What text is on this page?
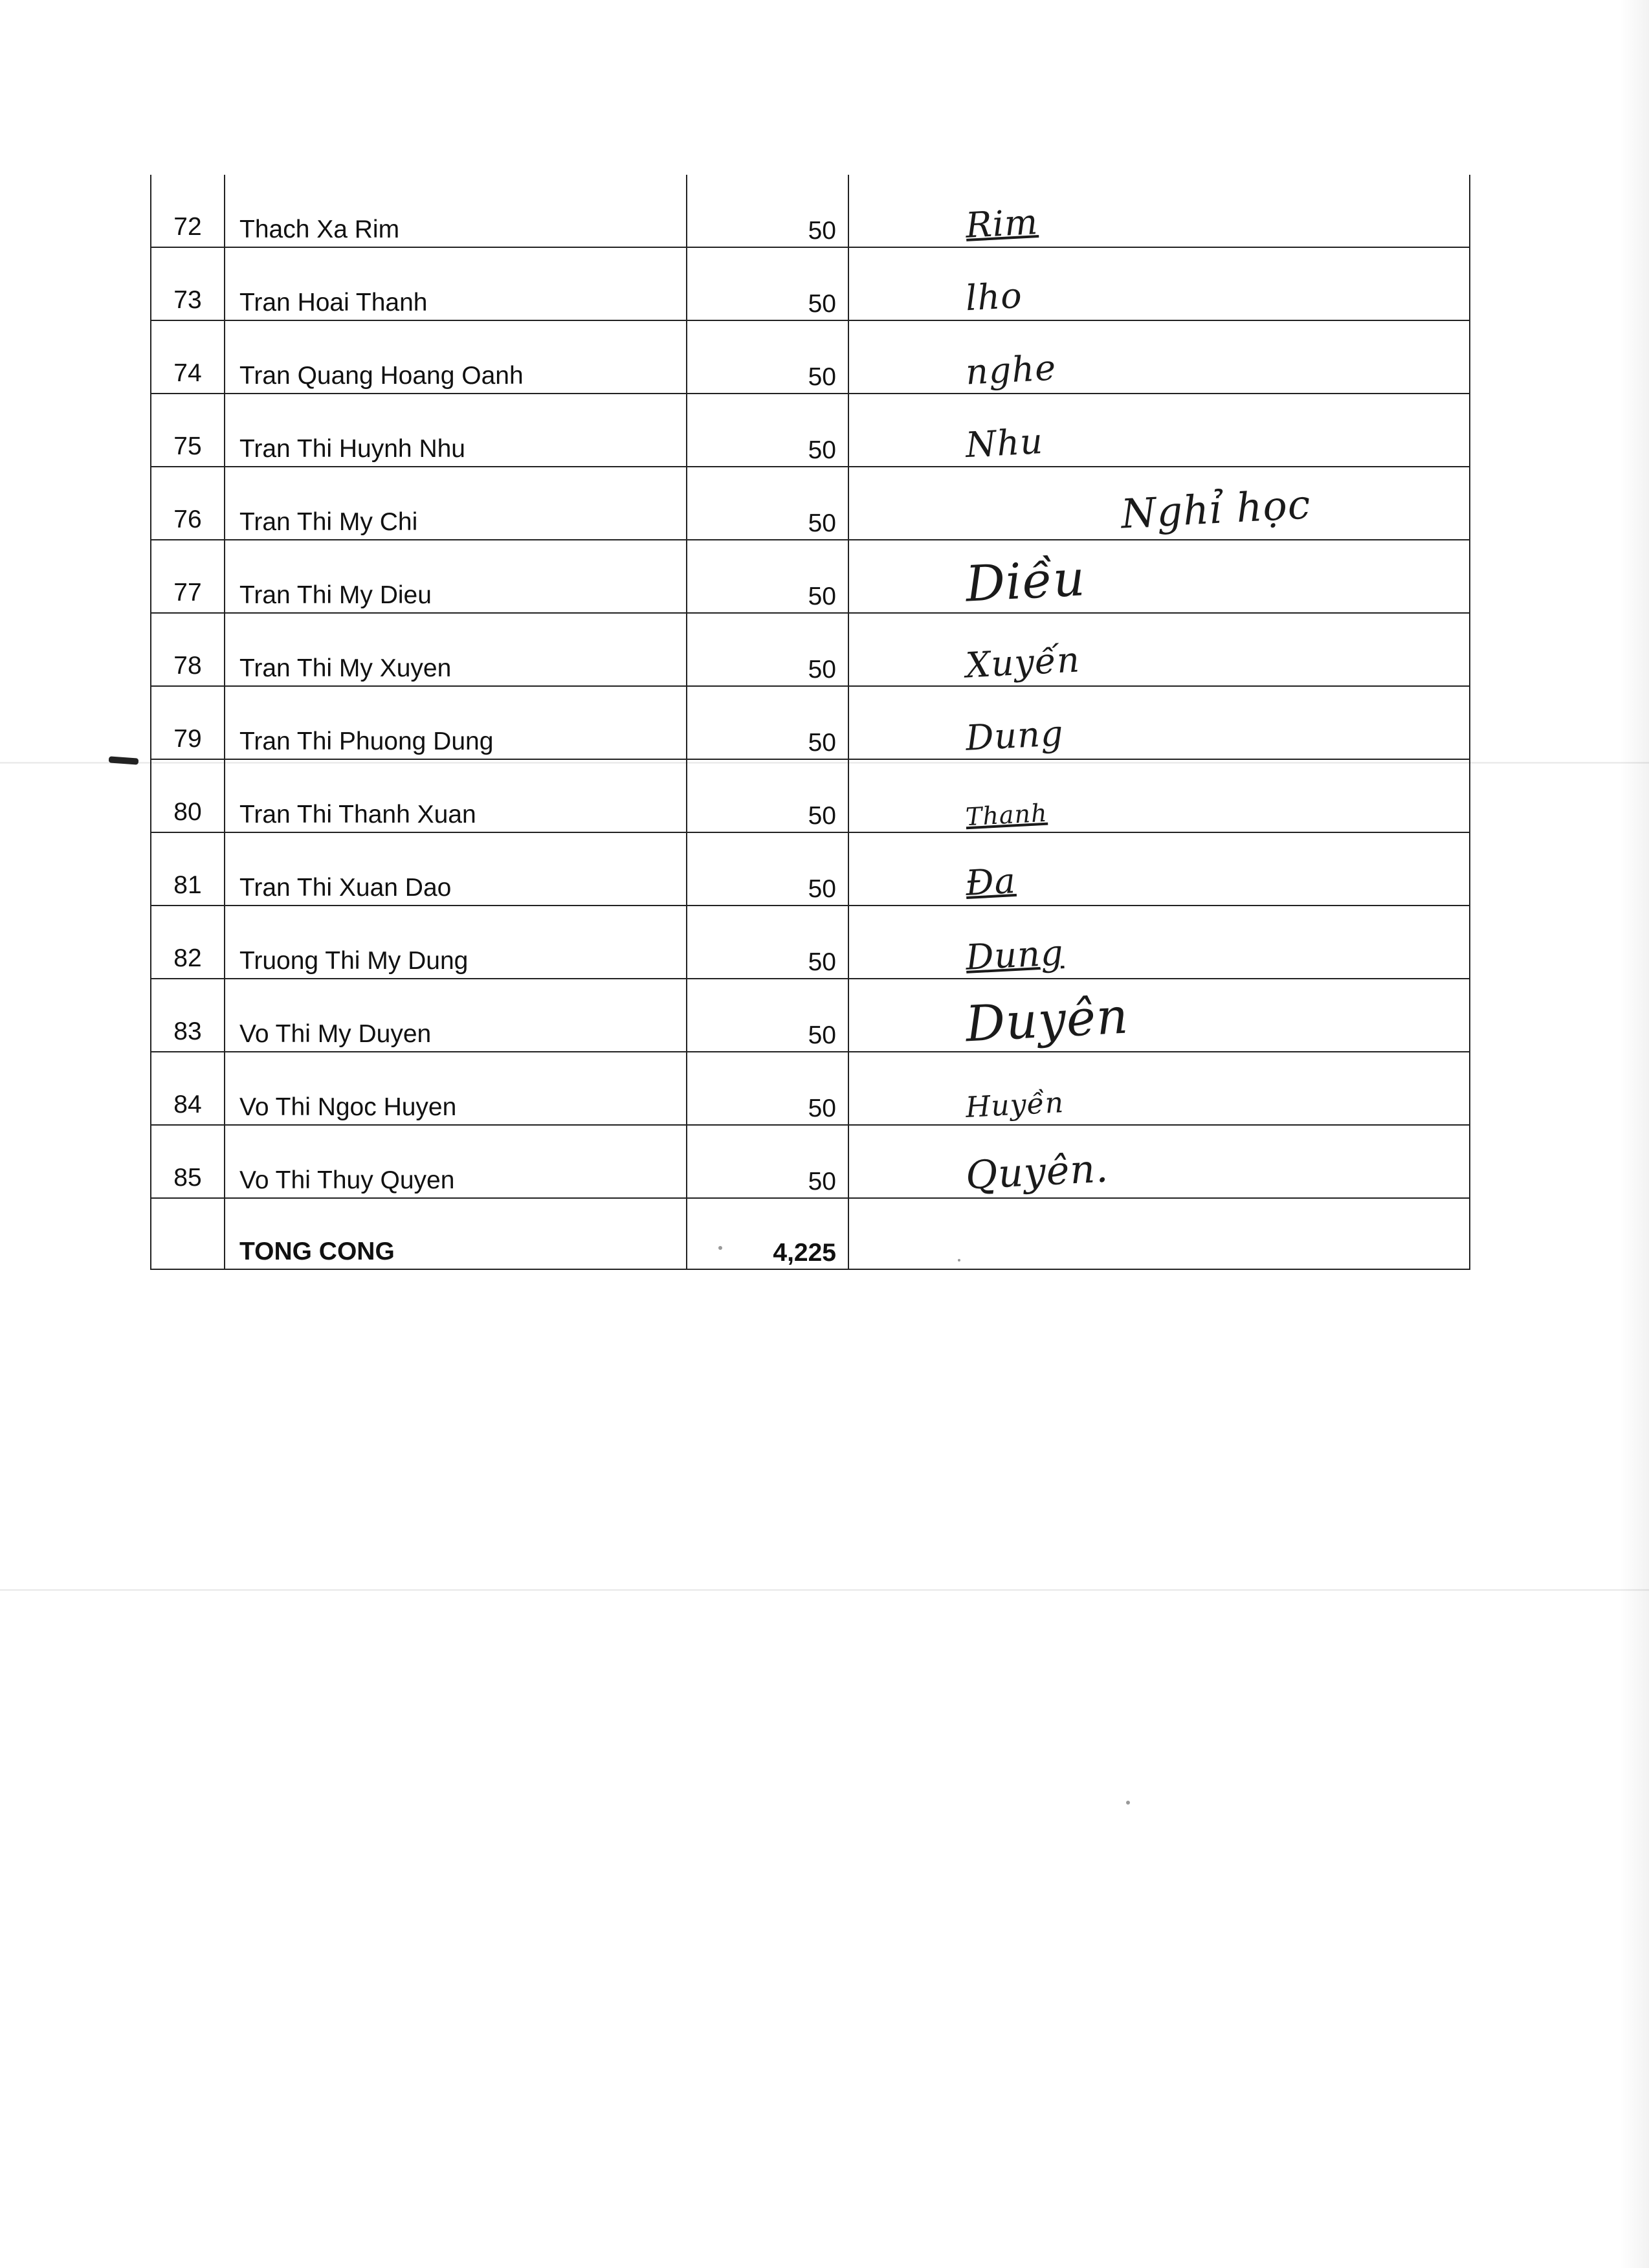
72	Thach Xa Rim	50	Rim

73	Tran Hoai Thanh	50	lho

74	Tran Quang Hoang Oanh	50	nghe

75	Tran Thi Huynh Nhu	50	Nhu

76	Tran Thi My Chi	50	Nghỉ học

77	Tran Thi My Dieu	50	Diều

78	Tran Thi My Xuyen	50	Xuyến

79	Tran Thi Phuong Dung	50	Dung

80	Tran Thi Thanh Xuan	50	Thanh

81	Tran Thi Xuan Dao	50	Đa

82	Truong Thi My Dung	50	Dung

83	Vo Thi My Duyen	50	Duyên

84	Vo Thi Ngoc Huyen	50	Huyền

85	Vo Thi Thuy Quyen	50	Quyên.

	TONG CONG	4,225	
